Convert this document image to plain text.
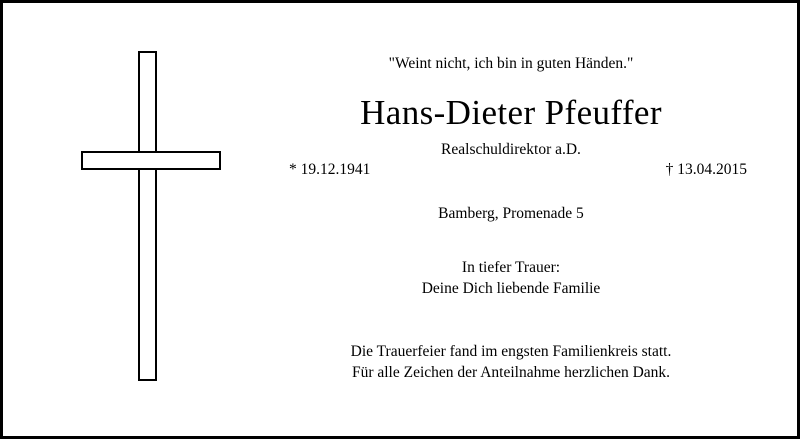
"Weint nicht, ich bin in guten Händen."
Hans-Dieter Pfeuffer
Realschuldirektor a.D.
* 19.12.1941	† 13.04.2015
Bamberg, Promenade 5
In tiefer Trauer:
Deine Dich liebende Familie
Die Trauerfeier fand im engsten Familienkreis statt.
Für alle Zeichen der Anteilnahme herzlichen Dank.
